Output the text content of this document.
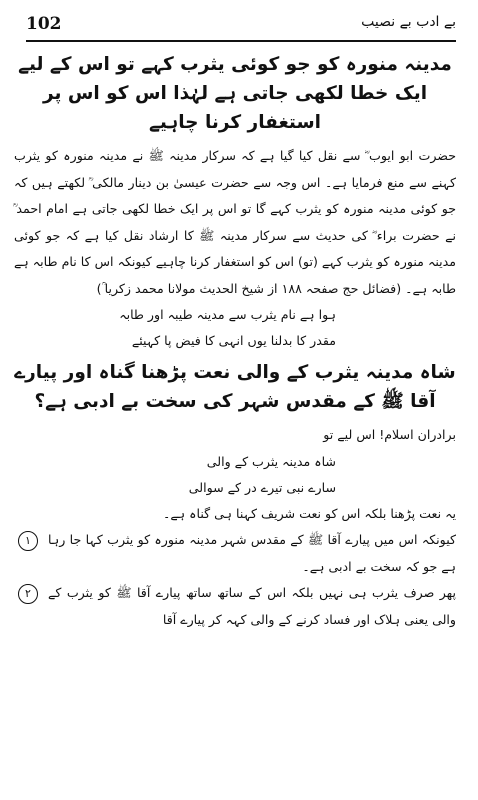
102	بے ادب بے نصیب

مدینہ منورہ کو جو کوئی یثرب کہے تو اس کے لیے ایک خطا لکھی جاتی ہے لہٰذا اس کو اس پر استغفار کرنا چاہیے

حضرت ابو ایوب ؓ سے نقل کیا گیا ہے کہ سرکار مدینہ ﷺ نے مدینہ منورہ کو یثرب کہنے سے منع فرمایا ہے۔ اس وجہ سے حضرت عیسیٰ بن دینار مالکی ؒ لکھتے ہیں کہ جو کوئی مدینہ منورہ کو یثرب کہے گا تو اس پر ایک خطا لکھی جاتی ہے امام احمد ؒ نے حضرت براء ؓ کی حدیث سے سرکار مدینہ ﷺ کا ارشاد نقل کیا ہے کہ جو کوئی مدینہ منورہ کو یثرب کہے (تو) اس کو استغفار کرنا چاہیے کیونکہ اس کا نام طابہ ہے طابہ ہے۔ (فضائل حج صفحہ ۱۸۸ از شیخ الحدیث مولانا محمد زکریا ؒ)

ہوا ہے نام یثرب سے مدینہ طیبہ اور طابہ

مقدر کا بدلنا یوں انہی کا فیض پا کہیئے

شاہ مدینہ یثرب کے والی نعت پڑھنا گناہ اور پیارے آقا ﷺ کے مقدس شہر کی سخت بے ادبی ہے؟

برادران اسلام! اس لیے تو

شاہ مدینہ یثرب کے والی

سارے نبی تیرے در کے سوالی

یہ نعت پڑھنا بلکہ اس کو نعت شریف کہنا ہی گناہ ہے۔

۱	کیونکہ اس میں پیارے آقا ﷺ کے مقدس شہر مدینہ منورہ کو یثرب کہا جا رہا ہے جو کہ سخت بے ادبی ہے۔
۲	پھر صرف یثرب ہی نہیں بلکہ اس کے ساتھ ساتھ پیارے آقا ﷺ کو یثرب کے والی یعنی ہلاک اور فساد کرنے کے والی کہہ کر پیارے آقا
